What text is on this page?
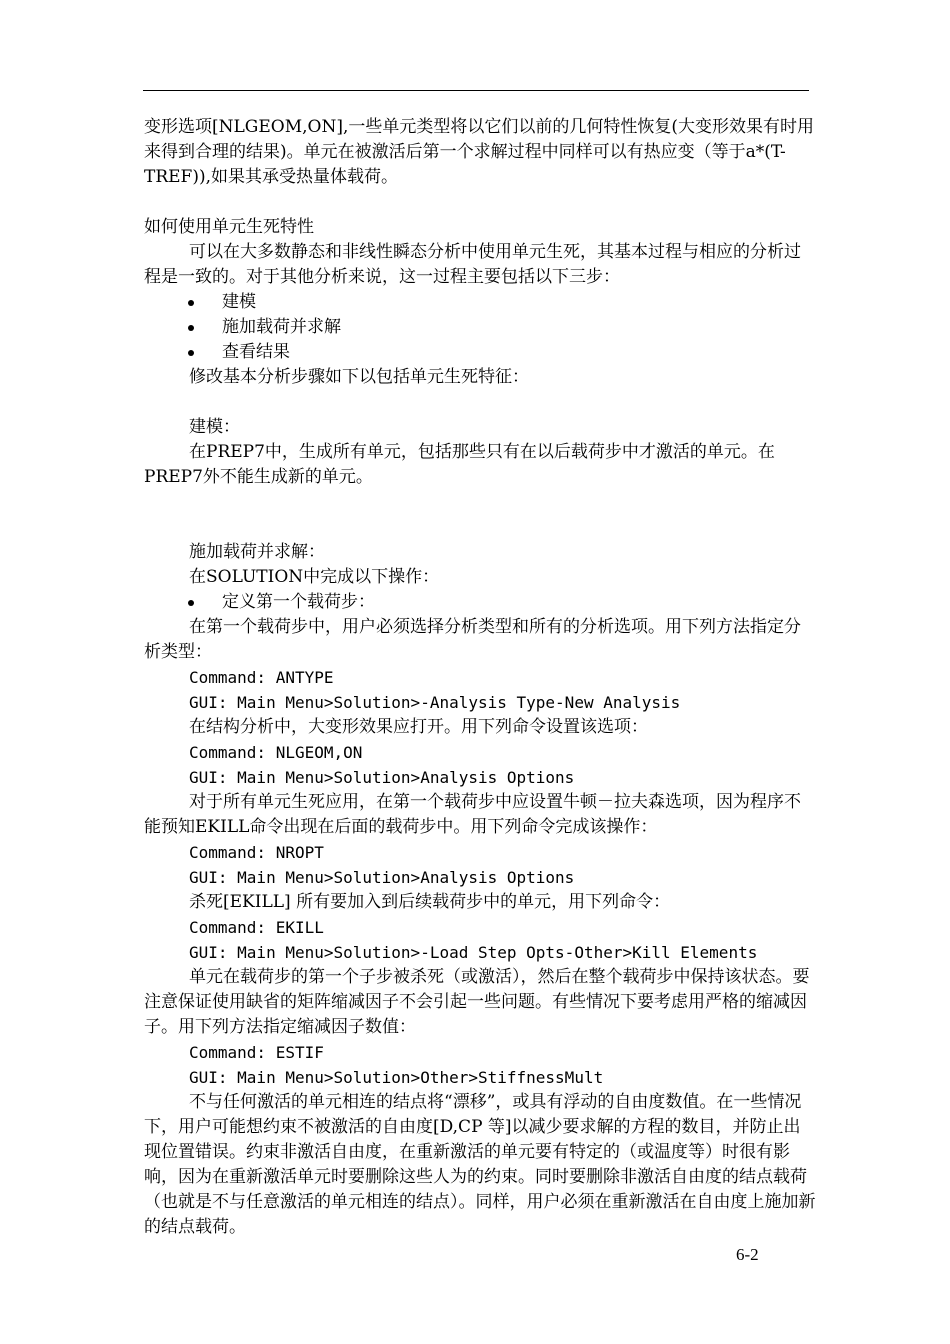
变形选项[NLGEOM,ON],一些单元类型将以它们以前的几何特性恢复(大变形效果有时用来得到合理的结果)。单元在被激活后第一个求解过程中同样可以有热应变（等于a*(T-TREF)),如果其承受热量体载荷。

如何使用单元生死特性

可以在大多数静态和非线性瞬态分析中使用单元生死，其基本过程与相应的分析过程是一致的。对于其他分析来说，这一过程主要包括以下三步：

建模

施加载荷并求解

查看结果

修改基本分析步骤如下以包括单元生死特征：

建模：

在PREP7中，生成所有单元，包括那些只有在以后载荷步中才激活的单元。在PREP7外不能生成新的单元。

施加载荷并求解：

在SOLUTION中完成以下操作：

定义第一个载荷步：

在第一个载荷步中，用户必须选择分析类型和所有的分析选项。用下列方法指定分析类型：

Command: ANTYPE

GUI: Main Menu>Solution>-Analysis Type-New Analysis

在结构分析中，大变形效果应打开。用下列命令设置该选项：

Command: NLGEOM,ON

GUI: Main Menu>Solution>Analysis Options

对于所有单元生死应用，在第一个载荷步中应设置牛顿－拉夫森选项，因为程序不能预知EKILL命令出现在后面的载荷步中。用下列命令完成该操作：

Command: NROPT

GUI: Main Menu>Solution>Analysis Options

杀死[EKILL] 所有要加入到后续载荷步中的单元，用下列命令：

Command: EKILL

GUI: Main Menu>Solution>-Load Step Opts-Other>Kill Elements

单元在载荷步的第一个子步被杀死（或激活），然后在整个载荷步中保持该状态。要注意保证使用缺省的矩阵缩减因子不会引起一些问题。有些情况下要考虑用严格的缩减因子。用下列方法指定缩减因子数值：

Command: ESTIF

GUI: Main Menu>Solution>Other>StiffnessMult

不与任何激活的单元相连的结点将“漂移”，或具有浮动的自由度数值。在一些情况下，用户可能想约束不被激活的自由度[D,CP 等]以减少要求解的方程的数目，并防止出现位置错误。约束非激活自由度，在重新激活的单元要有特定的（或温度等）时很有影响，因为在重新激活单元时要删除这些人为的约束。同时要删除非激活自由度的结点载荷（也就是不与任意激活的单元相连的结点）。同样，用户必须在重新激活在自由度上施加新的结点载荷。

6-2
